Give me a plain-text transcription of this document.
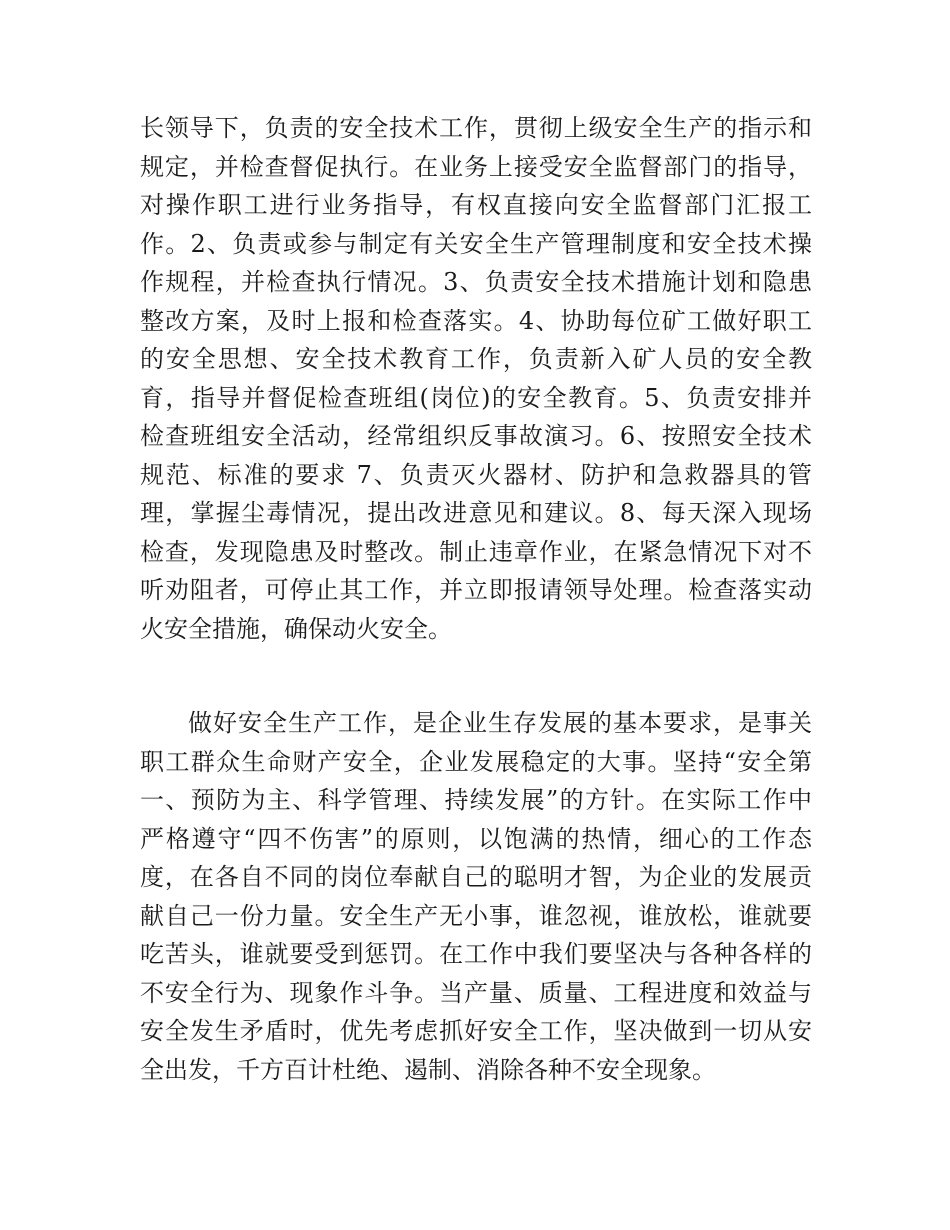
长领导下，负责的安全技术工作，贯彻上级安全生产的指示和
规定，并检查督促执行。在业务上接受安全监督部门的指导，
对操作职工进行业务指导，有权直接向安全监督部门汇报工
作。2、负责或参与制定有关安全生产管理制度和安全技术操
作规程，并检查执行情况。3、负责安全技术措施计划和隐患
整改方案，及时上报和检查落实。4、协助每位矿工做好职工
的安全思想、安全技术教育工作，负责新入矿人员的安全教
育，指导并督促检查班组(岗位)的安全教育。5、负责安排并
检查班组安全活动，经常组织反事故演习。6、按照安全技术
规范、标准的要求 7、负责灭火器材、防护和急救器具的管
理，掌握尘毒情况，提出改进意见和建议。8、每天深入现场
检查，发现隐患及时整改。制止违章作业，在紧急情况下对不
听劝阻者，可停止其工作，并立即报请领导处理。检查落实动
火安全措施，确保动火安全。
做好安全生产工作，是企业生存发展的基本要求，是事关
职工群众生命财产安全，企业发展稳定的大事。坚持“安全第
一、预防为主、科学管理、持续发展”的方针。在实际工作中
严格遵守“四不伤害”的原则，以饱满的热情，细心的工作态
度，在各自不同的岗位奉献自己的聪明才智，为企业的发展贡
献自己一份力量。安全生产无小事，谁忽视，谁放松，谁就要
吃苦头，谁就要受到惩罚。在工作中我们要坚决与各种各样的
不安全行为、现象作斗争。当产量、质量、工程进度和效益与
安全发生矛盾时，优先考虑抓好安全工作，坚决做到一切从安
全出发，千方百计杜绝、遏制、消除各种不安全现象。
